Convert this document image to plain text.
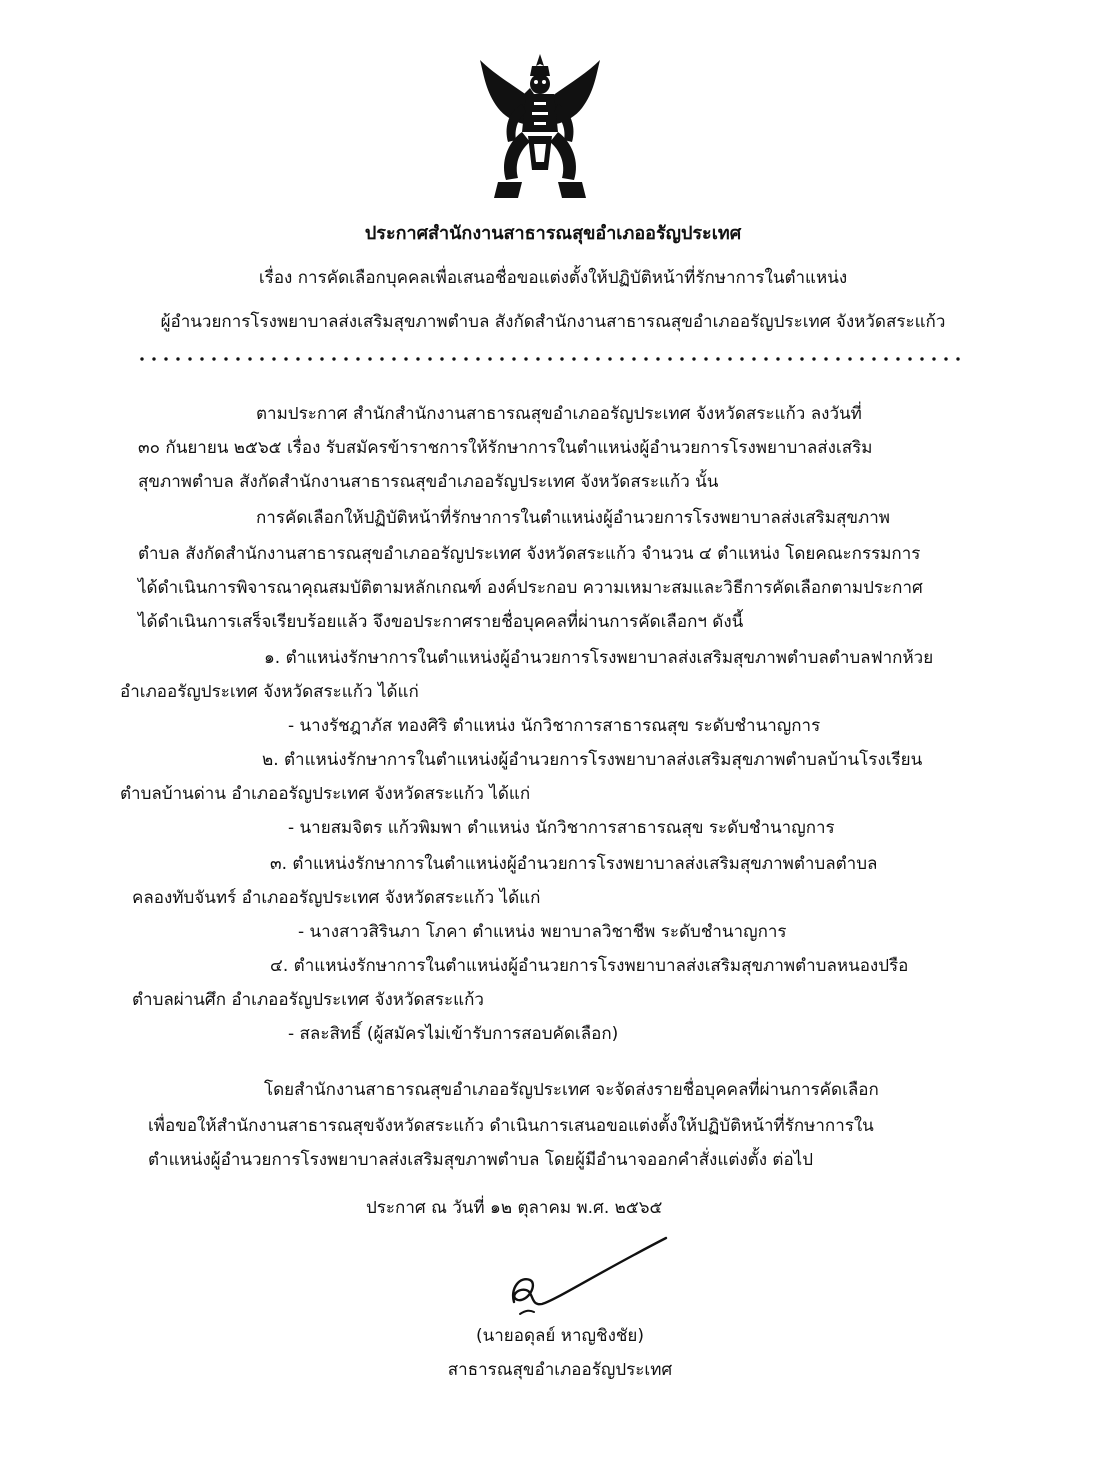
ประกาศสำนักงานสาธารณสุขอำเภออรัญประเทศ
เรื่อง การคัดเลือกบุคคลเพื่อเสนอชื่อขอแต่งตั้งให้ปฏิบัติหน้าที่รักษาการในตำแหน่ง
ผู้อำนวยการโรงพยาบาลส่งเสริมสุขภาพตำบล สังกัดสำนักงานสาธารณสุขอำเภออรัญประเทศ จังหวัดสระแก้ว
ตามประกาศ สำนักสำนักงานสาธารณสุขอำเภออรัญประเทศ จังหวัดสระแก้ว ลงวันที่
๓๐ กันยายน ๒๕๖๕ เรื่อง รับสมัครข้าราชการให้รักษาการในตำแหน่งผู้อำนวยการโรงพยาบาลส่งเสริม
สุขภาพตำบล สังกัดสำนักงานสาธารณสุขอำเภออรัญประเทศ จังหวัดสระแก้ว นั้น
การคัดเลือกให้ปฏิบัติหน้าที่รักษาการในตำแหน่งผู้อำนวยการโรงพยาบาลส่งเสริมสุขภาพ
ตำบล สังกัดสำนักงานสาธารณสุขอำเภออรัญประเทศ จังหวัดสระแก้ว จำนวน ๔ ตำแหน่ง โดยคณะกรรมการ
ได้ดำเนินการพิจารณาคุณสมบัติตามหลักเกณฑ์ องค์ประกอบ ความเหมาะสมและวิธีการคัดเลือกตามประกาศ
ได้ดำเนินการเสร็จเรียบร้อยแล้ว จึงขอประกาศรายชื่อบุคคลที่ผ่านการคัดเลือกฯ ดังนี้
๑. ตำแหน่งรักษาการในตำแหน่งผู้อำนวยการโรงพยาบาลส่งเสริมสุขภาพตำบลตำบลฟากห้วย
อำเภออรัญประเทศ จังหวัดสระแก้ว ได้แก่
- นางรัชฎาภัส ทองศิริ ตำแหน่ง นักวิชาการสาธารณสุข ระดับชำนาญการ
๒. ตำแหน่งรักษาการในตำแหน่งผู้อำนวยการโรงพยาบาลส่งเสริมสุขภาพตำบลบ้านโรงเรียน
ตำบลบ้านด่าน อำเภออรัญประเทศ จังหวัดสระแก้ว ได้แก่
- นายสมจิตร แก้วพิมพา ตำแหน่ง นักวิชาการสาธารณสุข ระดับชำนาญการ
๓. ตำแหน่งรักษาการในตำแหน่งผู้อำนวยการโรงพยาบาลส่งเสริมสุขภาพตำบลตำบล
คลองทับจันทร์ อำเภออรัญประเทศ จังหวัดสระแก้ว ได้แก่
- นางสาวสิรินภา โภคา ตำแหน่ง พยาบาลวิชาชีพ ระดับชำนาญการ
๔. ตำแหน่งรักษาการในตำแหน่งผู้อำนวยการโรงพยาบาลส่งเสริมสุขภาพตำบลหนองปรือ
ตำบลผ่านศึก อำเภออรัญประเทศ จังหวัดสระแก้ว
- สละสิทธิ์ (ผู้สมัครไม่เข้ารับการสอบคัดเลือก)
โดยสำนักงานสาธารณสุขอำเภออรัญประเทศ จะจัดส่งรายชื่อบุคคลที่ผ่านการคัดเลือก
เพื่อขอให้สำนักงานสาธารณสุขจังหวัดสระแก้ว ดำเนินการเสนอขอแต่งตั้งให้ปฏิบัติหน้าที่รักษาการใน
ตำแหน่งผู้อำนวยการโรงพยาบาลส่งเสริมสุขภาพตำบล โดยผู้มีอำนาจออกคำสั่งแต่งตั้ง ต่อไป
ประกาศ ณ วันที่ ๑๒ ตุลาคม พ.ศ. ๒๕๖๕
(นายอดุลย์ หาญชิงชัย)
สาธารณสุขอำเภออรัญประเทศ
